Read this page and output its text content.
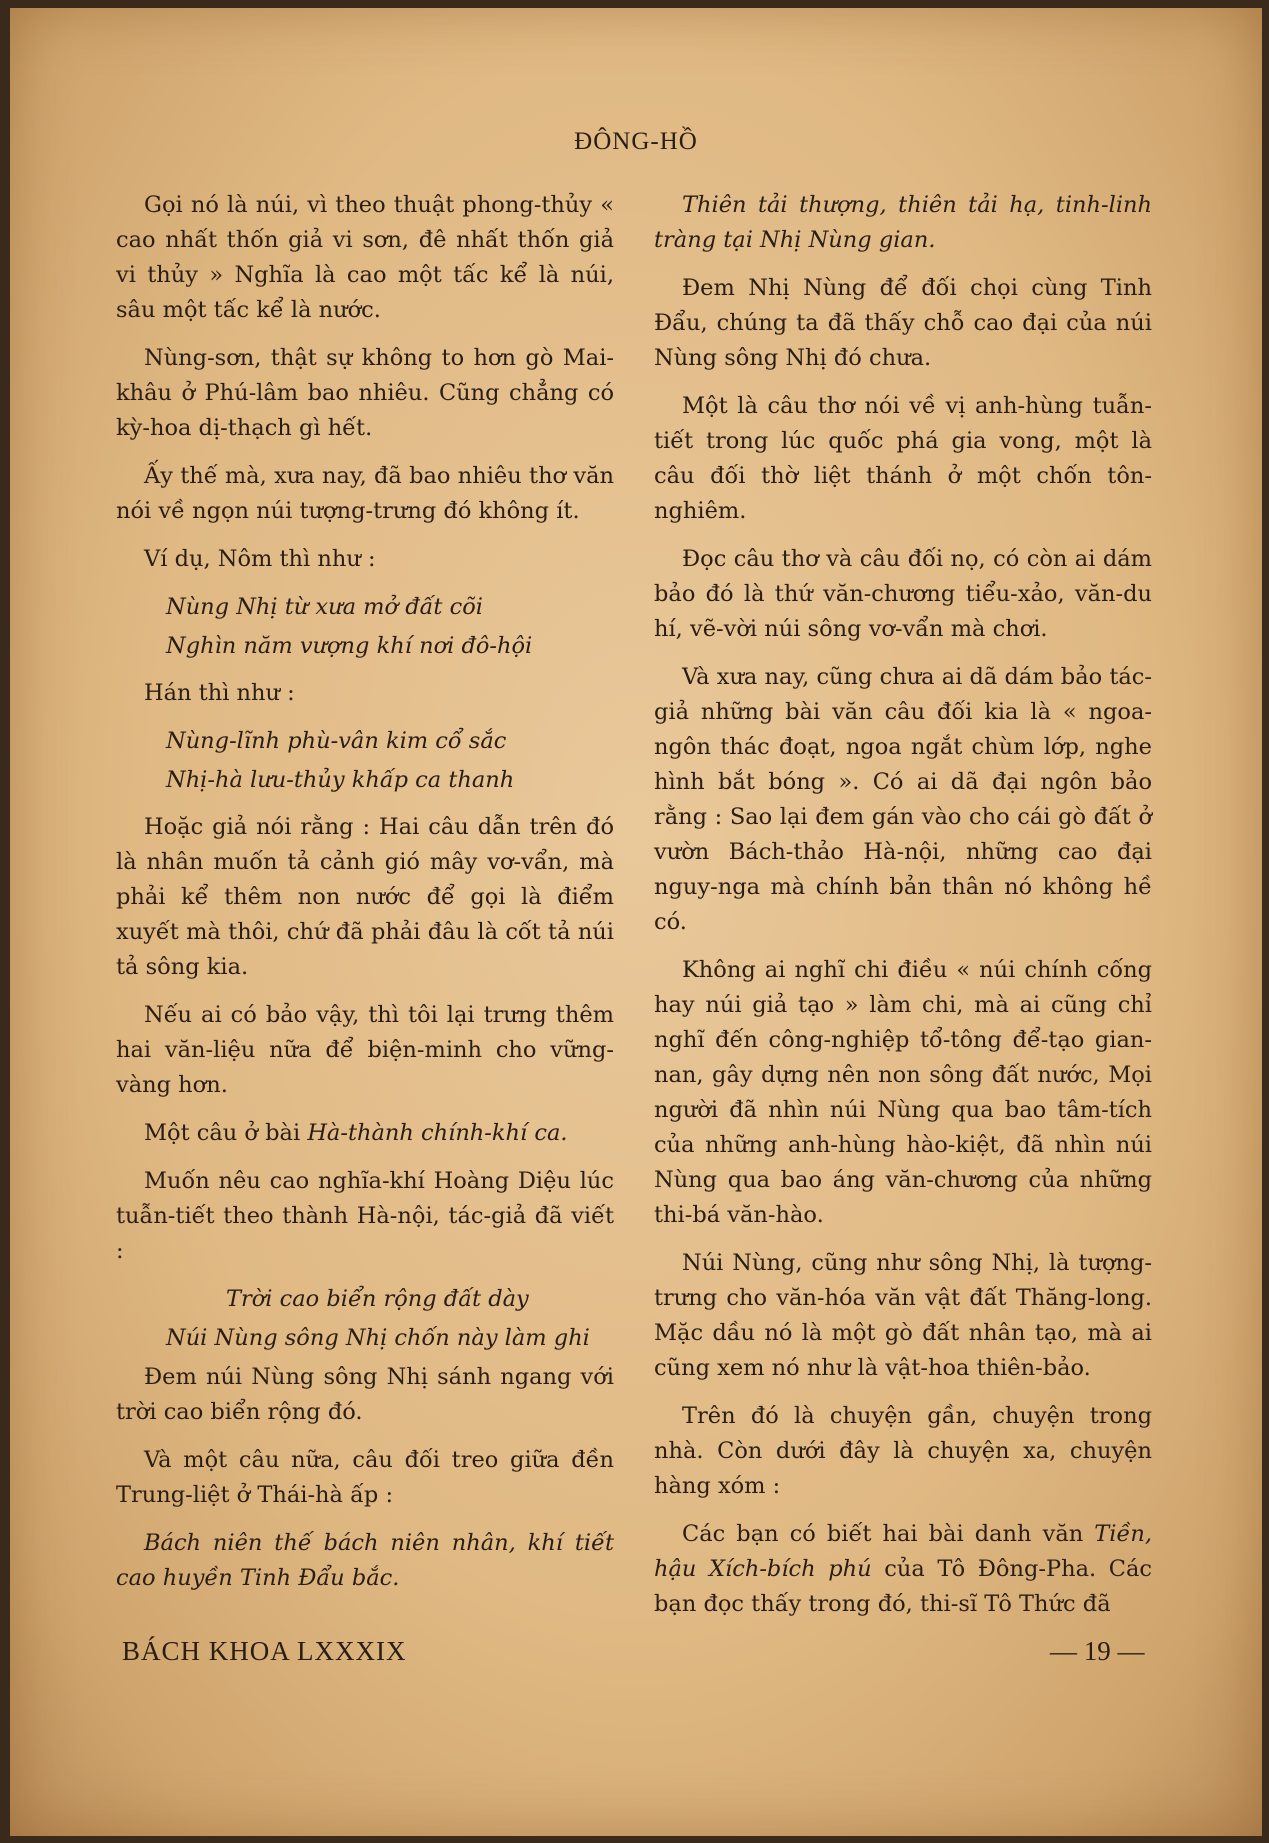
ĐÔNG-HỒ

Gọi nó là núi, vì theo thuật phong-thủy « cao nhất thốn giả vi sơn, đê nhất thốn giả vi thủy » Nghĩa là cao một tấc kể là núi, sâu một tấc kể là nước.

Nùng-sơn, thật sự không to hơn gò Mai-khâu ở Phú-lâm bao nhiêu. Cũng chẳng có kỳ-hoa dị-thạch gì hết.

Ấy thế mà, xưa nay, đã bao nhiêu thơ văn nói về ngọn núi tượng-trưng đó không ít.

Ví dụ, Nôm thì như :

Nùng Nhị từ xưa mở đất cõi

Nghìn năm vượng khí nơi đô-hội

Hán thì như :

Nùng-lĩnh phù-vân kim cổ sắc

Nhị-hà lưu-thủy khấp ca thanh

Hoặc giả nói rằng : Hai câu dẫn trên đó là nhân muốn tả cảnh gió mây vơ-vẩn, mà phải kể thêm non nước để gọi là điểm xuyết mà thôi, chứ đã phải đâu là cốt tả núi tả sông kia.

Nếu ai có bảo vậy, thì tôi lại trưng thêm hai văn-liệu nữa để biện-minh cho vững-vàng hơn.

Một câu ở bài Hà-thành chính-khí ca.

Muốn nêu cao nghĩa-khí Hoàng Diệu lúc tuẫn-tiết theo thành Hà-nội, tác-giả đã viết :

Trời cao biển rộng đất dày

Núi Nùng sông Nhị chốn này làm ghi

Đem núi Nùng sông Nhị sánh ngang với trời cao biển rộng đó.

Và một câu nữa, câu đối treo giữa đền Trung-liệt ở Thái-hà ấp :

Bách niên thế bách niên nhân, khí tiết cao huyền Tinh Đẩu bắc.

Thiên tải thượng, thiên tải hạ, tinh-linh tràng tại Nhị Nùng gian.

Đem Nhị Nùng để đối chọi cùng Tinh Đẩu, chúng ta đã thấy chỗ cao đại của núi Nùng sông Nhị đó chưa.

Một là câu thơ nói về vị anh-hùng tuẫn-tiết trong lúc quốc phá gia vong, một là câu đối thờ liệt thánh ở một chốn tôn-nghiêm.

Đọc câu thơ và câu đối nọ, có còn ai dám bảo đó là thứ văn-chương tiểu-xảo, văn-du hí, vẽ-vời núi sông vơ-vẩn mà chơi.

Và xưa nay, cũng chưa ai dã dám bảo tác-giả những bài văn câu đối kia là « ngoa-ngôn thác đoạt, ngoa ngắt chùm lớp, nghe hình bắt bóng ». Có ai dã đại ngôn bảo rằng : Sao lại đem gán vào cho cái gò đất ở vườn Bách-thảo Hà-nội, những cao đại nguy-nga mà chính bản thân nó không hề có.

Không ai nghĩ chi điều « núi chính cống hay núi giả tạo » làm chi, mà ai cũng chỉ nghĩ đến công-nghiệp tổ-tông để-tạo gian-nan, gây dựng nên non sông đất nước, Mọi người đã nhìn núi Nùng qua bao tâm-tích của những anh-hùng hào-kiệt, đã nhìn núi Nùng qua bao áng văn-chương của những thi-bá văn-hào.

Núi Nùng, cũng như sông Nhị, là tượng-trưng cho văn-hóa văn vật đất Thăng-long. Mặc dầu nó là một gò đất nhân tạo, mà ai cũng xem nó như là vật-hoa thiên-bảo.

Trên đó là chuyện gần, chuyện trong nhà. Còn dưới đây là chuyện xa, chuyện hàng xóm :

Các bạn có biết hai bài danh văn Tiền, hậu Xích-bích phú của Tô Đông-Pha. Các bạn đọc thấy trong đó, thi-sĩ Tô Thức đã

BÁCH KHOA LXXXIX	— 19 —
